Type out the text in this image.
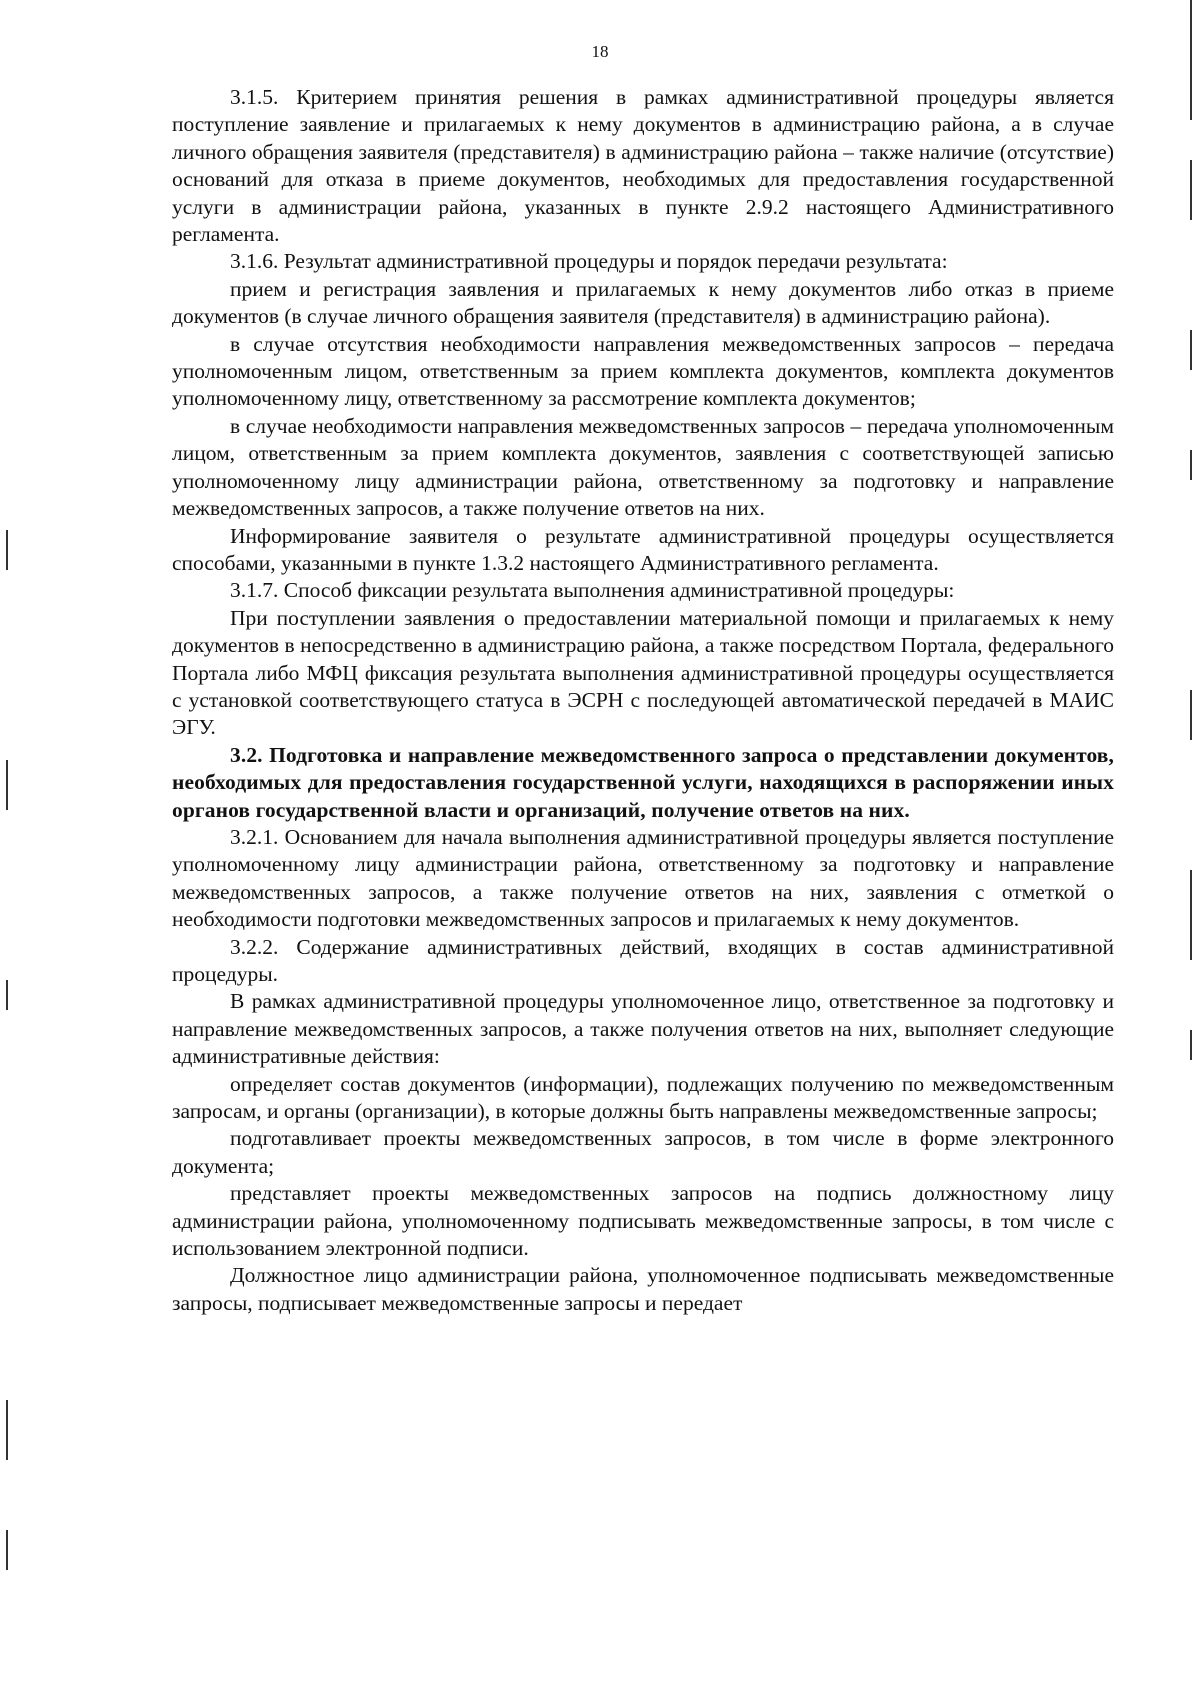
18

3.1.5. Критерием принятия решения в рамках административной процедуры является поступление заявление и прилагаемых к нему документов в администрацию района, а в случае личного обращения заявителя (представителя) в администрацию района – также наличие (отсутствие) оснований для отказа в приеме документов, необходимых для предоставления государственной услуги в администрации района, указанных в пункте 2.9.2 настоящего Административного регламента.

3.1.6. Результат административной процедуры и порядок передачи результата:

прием и регистрация заявления и прилагаемых к нему документов либо отказ в приеме документов (в случае личного обращения заявителя (представителя) в администрацию района).

в случае отсутствия необходимости направления межведомственных запросов – передача уполномоченным лицом, ответственным за прием комплекта документов, комплекта документов уполномоченному лицу, ответственному за рассмотрение комплекта документов;

в случае необходимости направления межведомственных запросов – передача уполномоченным лицом, ответственным за прием комплекта документов, заявления с соответствующей записью уполномоченному лицу администрации района, ответственному за подготовку и направление межведомственных запросов, а также получение ответов на них.

Информирование заявителя о результате административной процедуры осуществляется способами, указанными в пункте 1.3.2 настоящего Административного регламента.

3.1.7. Способ фиксации результата выполнения административной процедуры:

При поступлении заявления о предоставлении материальной помощи и прилагаемых к нему документов в непосредственно в администрацию района, а также посредством Портала, федерального Портала либо МФЦ фиксация результата выполнения административной процедуры осуществляется с установкой соответствующего статуса в ЭСРН с последующей автоматической передачей в МАИС ЭГУ.

3.2. Подготовка и направление межведомственного запроса о представлении документов, необходимых для предоставления государственной услуги, находящихся в распоряжении иных органов государственной власти и организаций, получение ответов на них.

3.2.1. Основанием для начала выполнения административной процедуры является поступление уполномоченному лицу администрации района, ответственному за подготовку и направление межведомственных запросов, а также получение ответов на них, заявления с отметкой о необходимости подготовки межведомственных запросов и прилагаемых к нему документов.

3.2.2. Содержание административных действий, входящих в состав административной процедуры.

В рамках административной процедуры уполномоченное лицо, ответственное за подготовку и направление межведомственных запросов, а также получения ответов на них, выполняет следующие административные действия:

определяет состав документов (информации), подлежащих получению по межведомственным запросам, и органы (организации), в которые должны быть направлены межведомственные запросы;

подготавливает проекты межведомственных запросов, в том числе в форме электронного документа;

представляет проекты межведомственных запросов на подпись должностному лицу администрации района, уполномоченному подписывать межведомственные запросы, в том числе с использованием электронной подписи.

Должностное лицо администрации района, уполномоченное подписывать межведомственные запросы, подписывает межведомственные запросы и передает
